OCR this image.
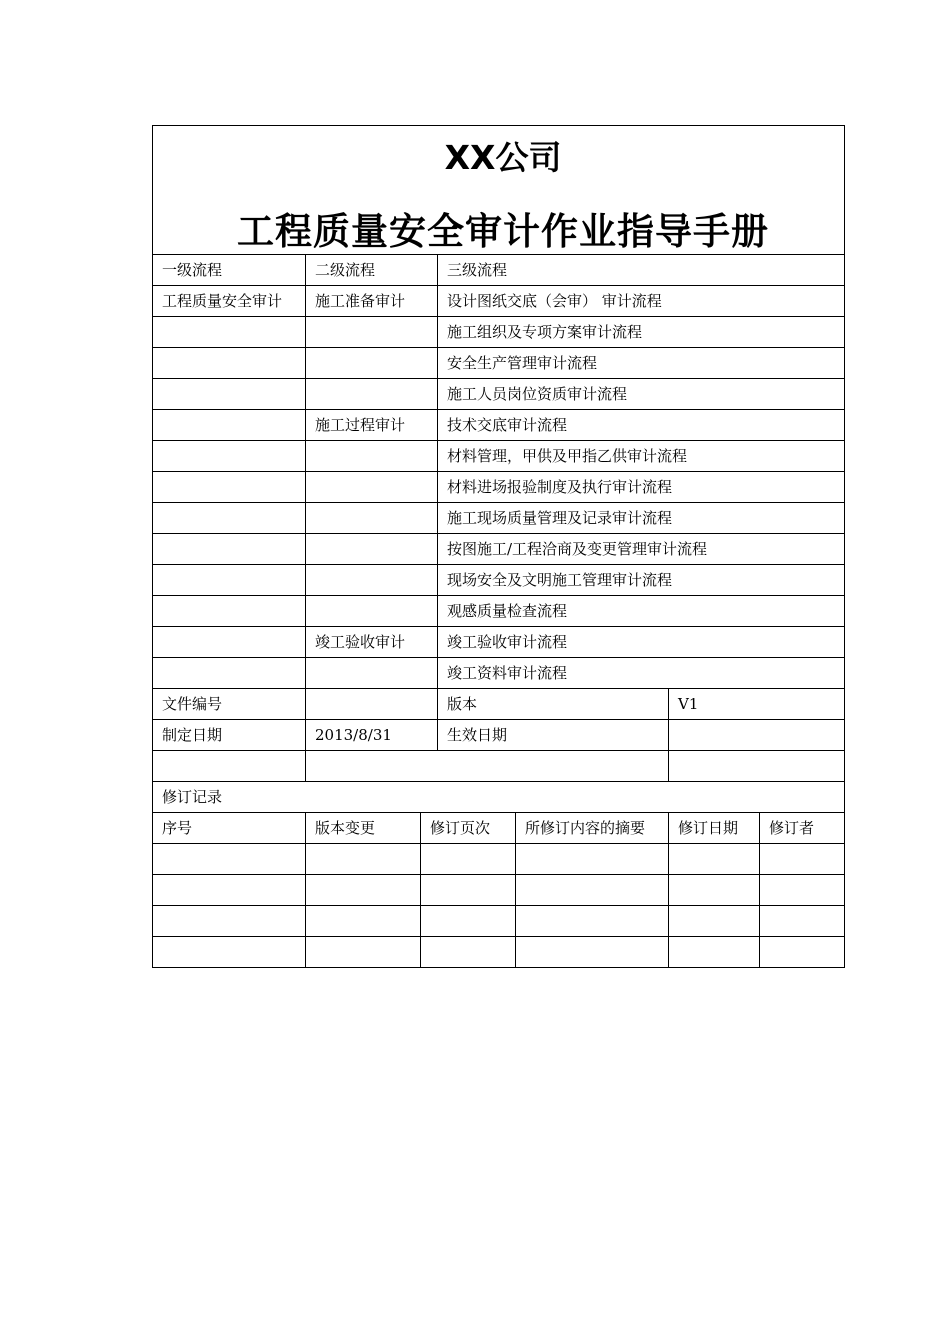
XX公司
工程质量安全审计作业指导手册						

一级流程	二级流程		三级流程			
工程质量安全审计	施工准备审计		设计图纸交底（会审） 审计流程			
			施工组织及专项方案审计流程			
			安全生产管理审计流程			
			施工人员岗位资质审计流程			
	施工过程审计		技术交底审计流程			
			材料管理，甲供及甲指乙供审计流程			
			材料进场报验制度及执行审计流程			
			施工现场质量管理及记录审计流程			
			按图施工/工程洽商及变更管理审计流程			
			现场安全及文明施工管理审计流程			
			观感质量检查流程			
	竣工验收审计		竣工验收审计流程			
			竣工资料审计流程			
文件编号			版本		V1	
制定日期	2013/8/31		生效日期			

修订记录						
序号	版本变更	修订页次		所修订内容的摘要	修订日期	修订者
